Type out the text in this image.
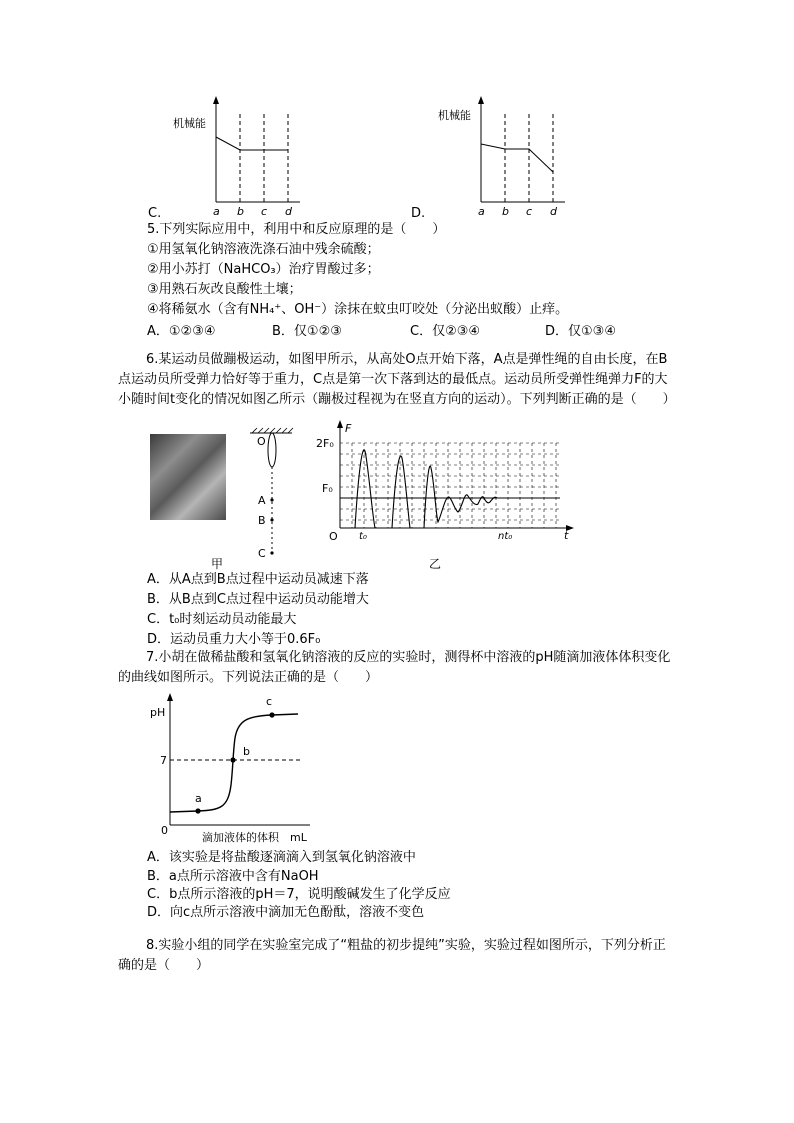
机械能
a b c d
C.
机械能
a b c d
D.
5.下列实际应用中，利用中和反应原理的是（　　）
①用氢氧化钠溶液洗涤石油中残余硫酸；
②用小苏打（NaHCO₃）治疗胃酸过多；
③用熟石灰改良酸性土壤；
④将稀氨水（含有NH₄⁺、OH⁻）涂抹在蚊虫叮咬处（分泌出蚁酸）止痒。
A．①②③④	B．仅①②③	C．仅②③④	D．仅①③④
6.某运动员做蹦极运动，如图甲所示，从高处O点开始下落，A点是弹性绳的自由长度，在B点运动员所受弹力恰好等于重力，C点是第一次下落到达的最低点。运动员所受弹性绳弹力F的大小随时间t变化的情况如图乙所示（蹦极过程视为在竖直方向的运动）。下列判断正确的是（　　）
O
A
B
C
甲
F
2F₀
F₀
O t₀	nt₀	t
乙
A．从A点到B点过程中运动员减速下落
B．从B点到C点过程中运动员动能增大
C．t₀时刻运动员动能最大
D．运动员重力大小等于0.6F₀
7.小胡在做稀盐酸和氢氧化钠溶液的反应的实验时，测得杯中溶液的pH随滴加液体体积变化的曲线如图所示。下列说法正确的是（　　）
pH
7
0
a
b
c
滴加液体的体积　mL
A．该实验是将盐酸逐滴滴入到氢氧化钠溶液中
B．a点所示溶液中含有NaOH
C．b点所示溶液的pH＝7，说明酸碱发生了化学反应
D．向c点所示溶液中滴加无色酚酞，溶液不变色
8.实验小组的同学在实验室完成了“粗盐的初步提纯”实验，实验过程如图所示，下列分析正确的是（　　）
